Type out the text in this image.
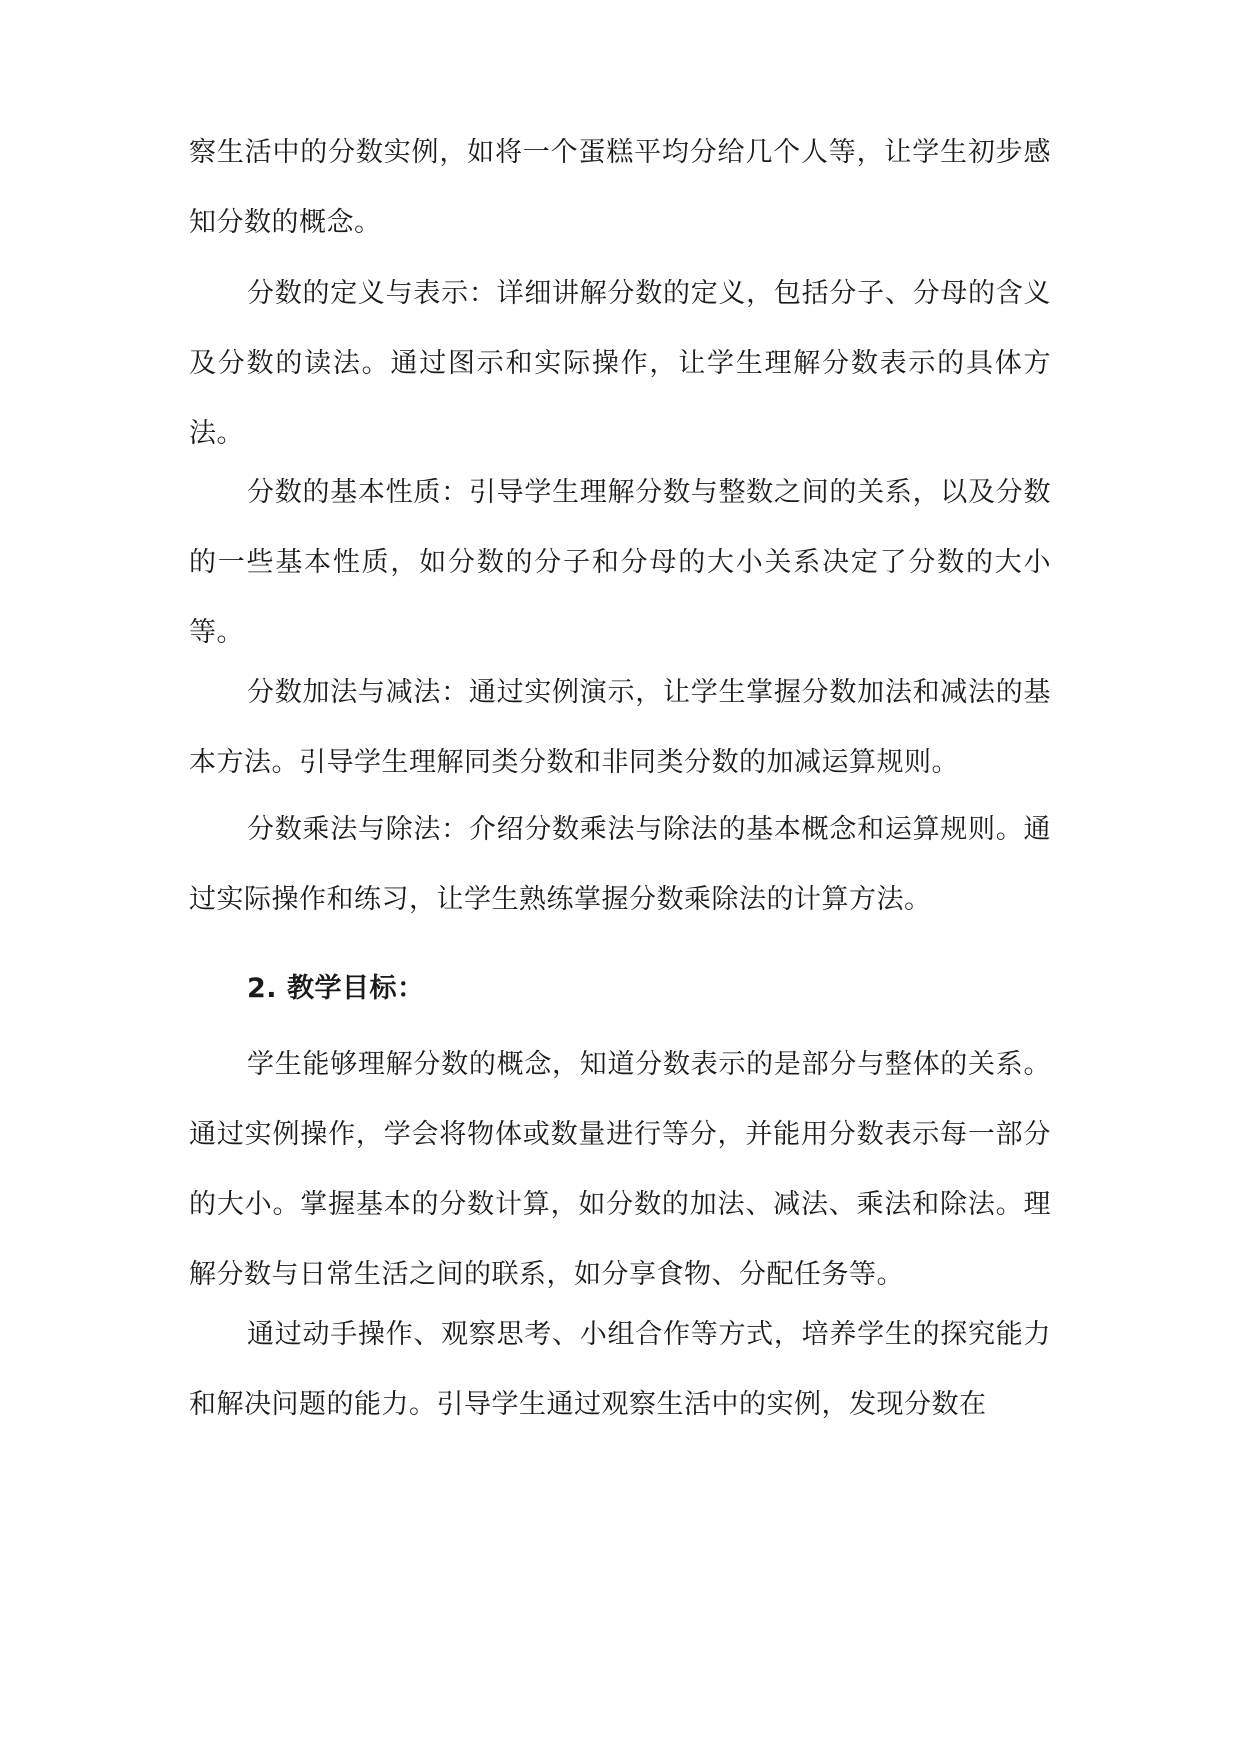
察生活中的分数实例，如将一个蛋糕平均分给几个人等，让学生初步感知分数的概念。

分数的定义与表示：详细讲解分数的定义，包括分子、分母的含义及分数的读法。通过图示和实际操作，让学生理解分数表示的具体方法。

分数的基本性质：引导学生理解分数与整数之间的关系，以及分数的一些基本性质，如分数的分子和分母的大小关系决定了分数的大小等。

分数加法与减法：通过实例演示，让学生掌握分数加法和减法的基本方法。引导学生理解同类分数和非同类分数的加减运算规则。

分数乘法与除法：介绍分数乘法与除法的基本概念和运算规则。通过实际操作和练习，让学生熟练掌握分数乘除法的计算方法。

2. 教学目标：

学生能够理解分数的概念，知道分数表示的是部分与整体的关系。通过实例操作，学会将物体或数量进行等分，并能用分数表示每一部分的大小。掌握基本的分数计算，如分数的加法、减法、乘法和除法。理解分数与日常生活之间的联系，如分享食物、分配任务等。

通过动手操作、观察思考、小组合作等方式，培养学生的探究能力和解决问题的能力。引导学生通过观察生活中的实例，发现分数在
